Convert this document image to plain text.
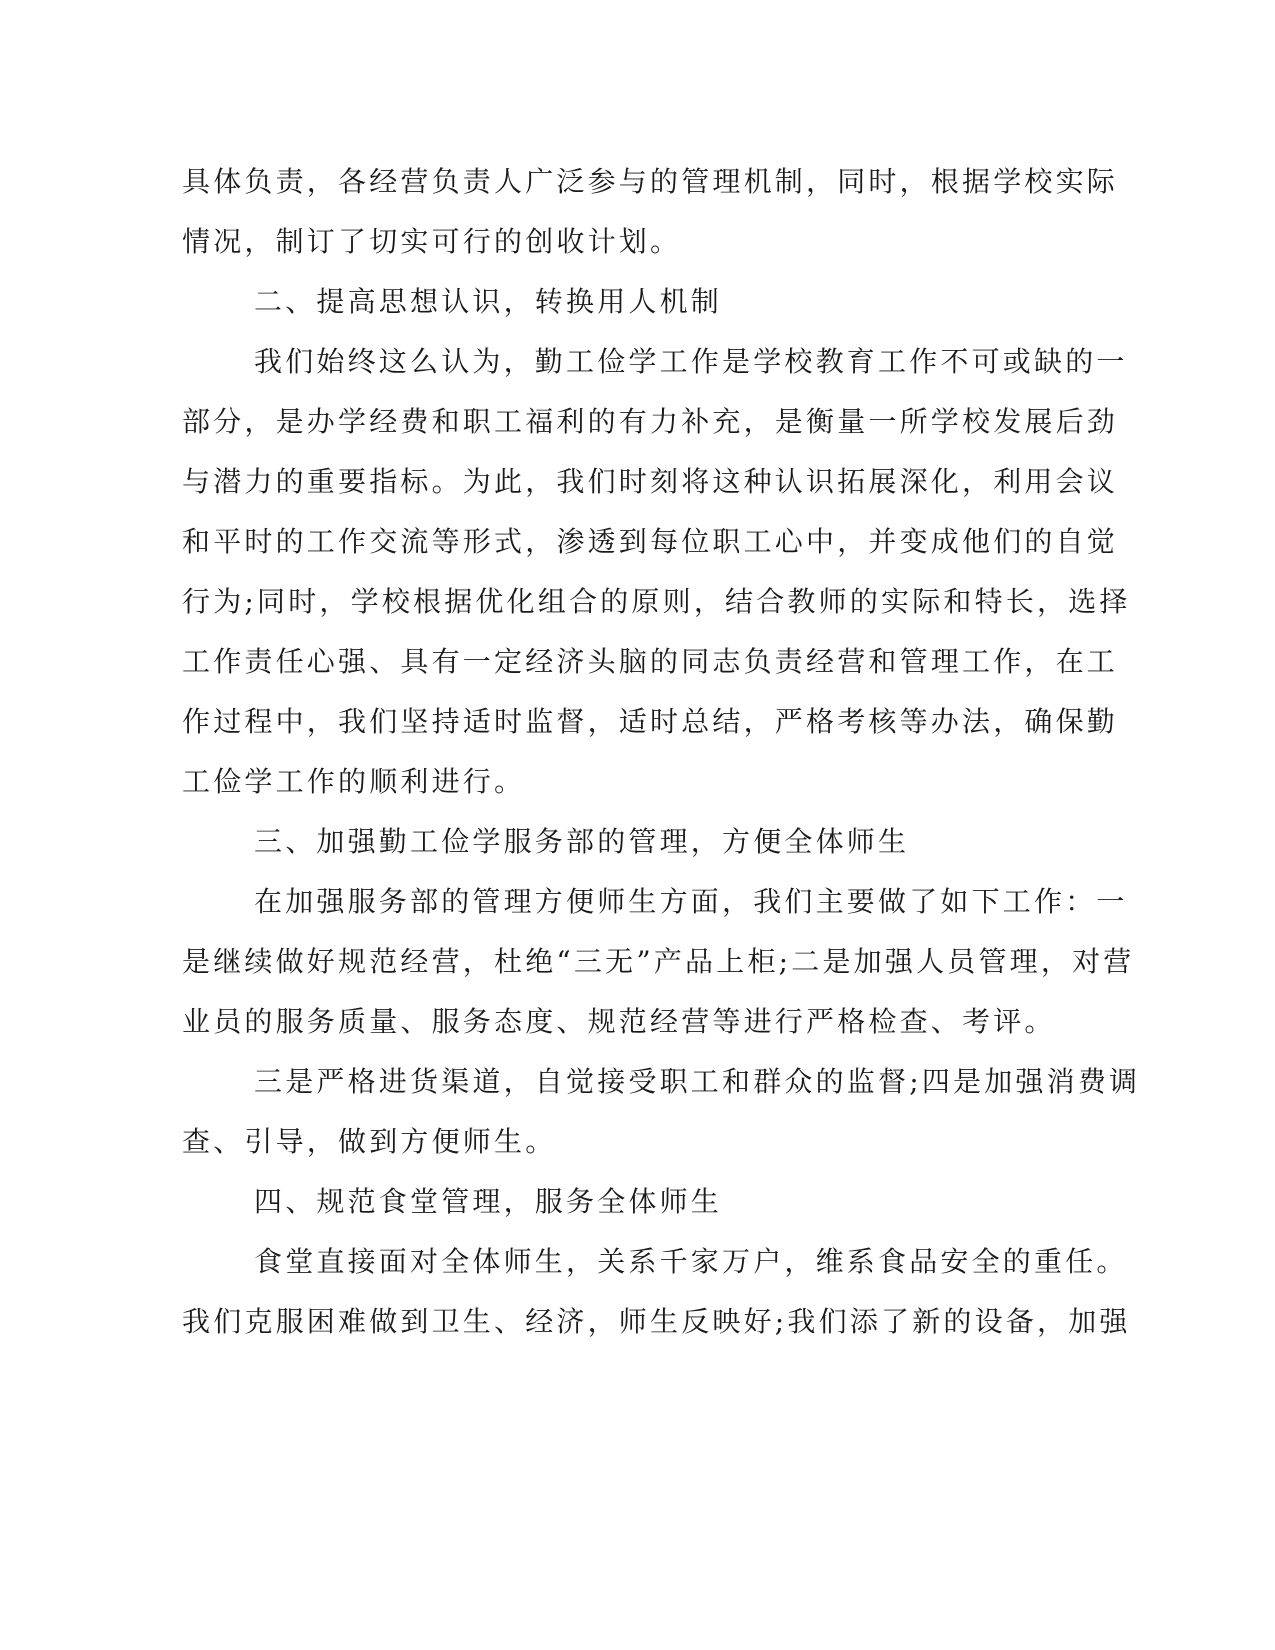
具体负责，各经营负责人广泛参与的管理机制，同时，根据学校实际
情况，制订了切实可行的创收计划。
二、提高思想认识，转换用人机制
我们始终这么认为，勤工俭学工作是学校教育工作不可或缺的一
部分，是办学经费和职工福利的有力补充，是衡量一所学校发展后劲
与潜力的重要指标。为此，我们时刻将这种认识拓展深化，利用会议
和平时的工作交流等形式，渗透到每位职工心中，并变成他们的自觉
行为;同时，学校根据优化组合的原则，结合教师的实际和特长，选择
工作责任心强、具有一定经济头脑的同志负责经营和管理工作，在工
作过程中，我们坚持适时监督，适时总结，严格考核等办法，确保勤
工俭学工作的顺利进行。
三、加强勤工俭学服务部的管理，方便全体师生
在加强服务部的管理方便师生方面，我们主要做了如下工作：一
是继续做好规范经营，杜绝“三无”产品上柜;二是加强人员管理，对营
业员的服务质量、服务态度、规范经营等进行严格检查、考评。
三是严格进货渠道，自觉接受职工和群众的监督;四是加强消费调
查、引导，做到方便师生。
四、规范食堂管理，服务全体师生
食堂直接面对全体师生，关系千家万户，维系食品安全的重任。
我们克服困难做到卫生、经济，师生反映好;我们添了新的设备，加强
